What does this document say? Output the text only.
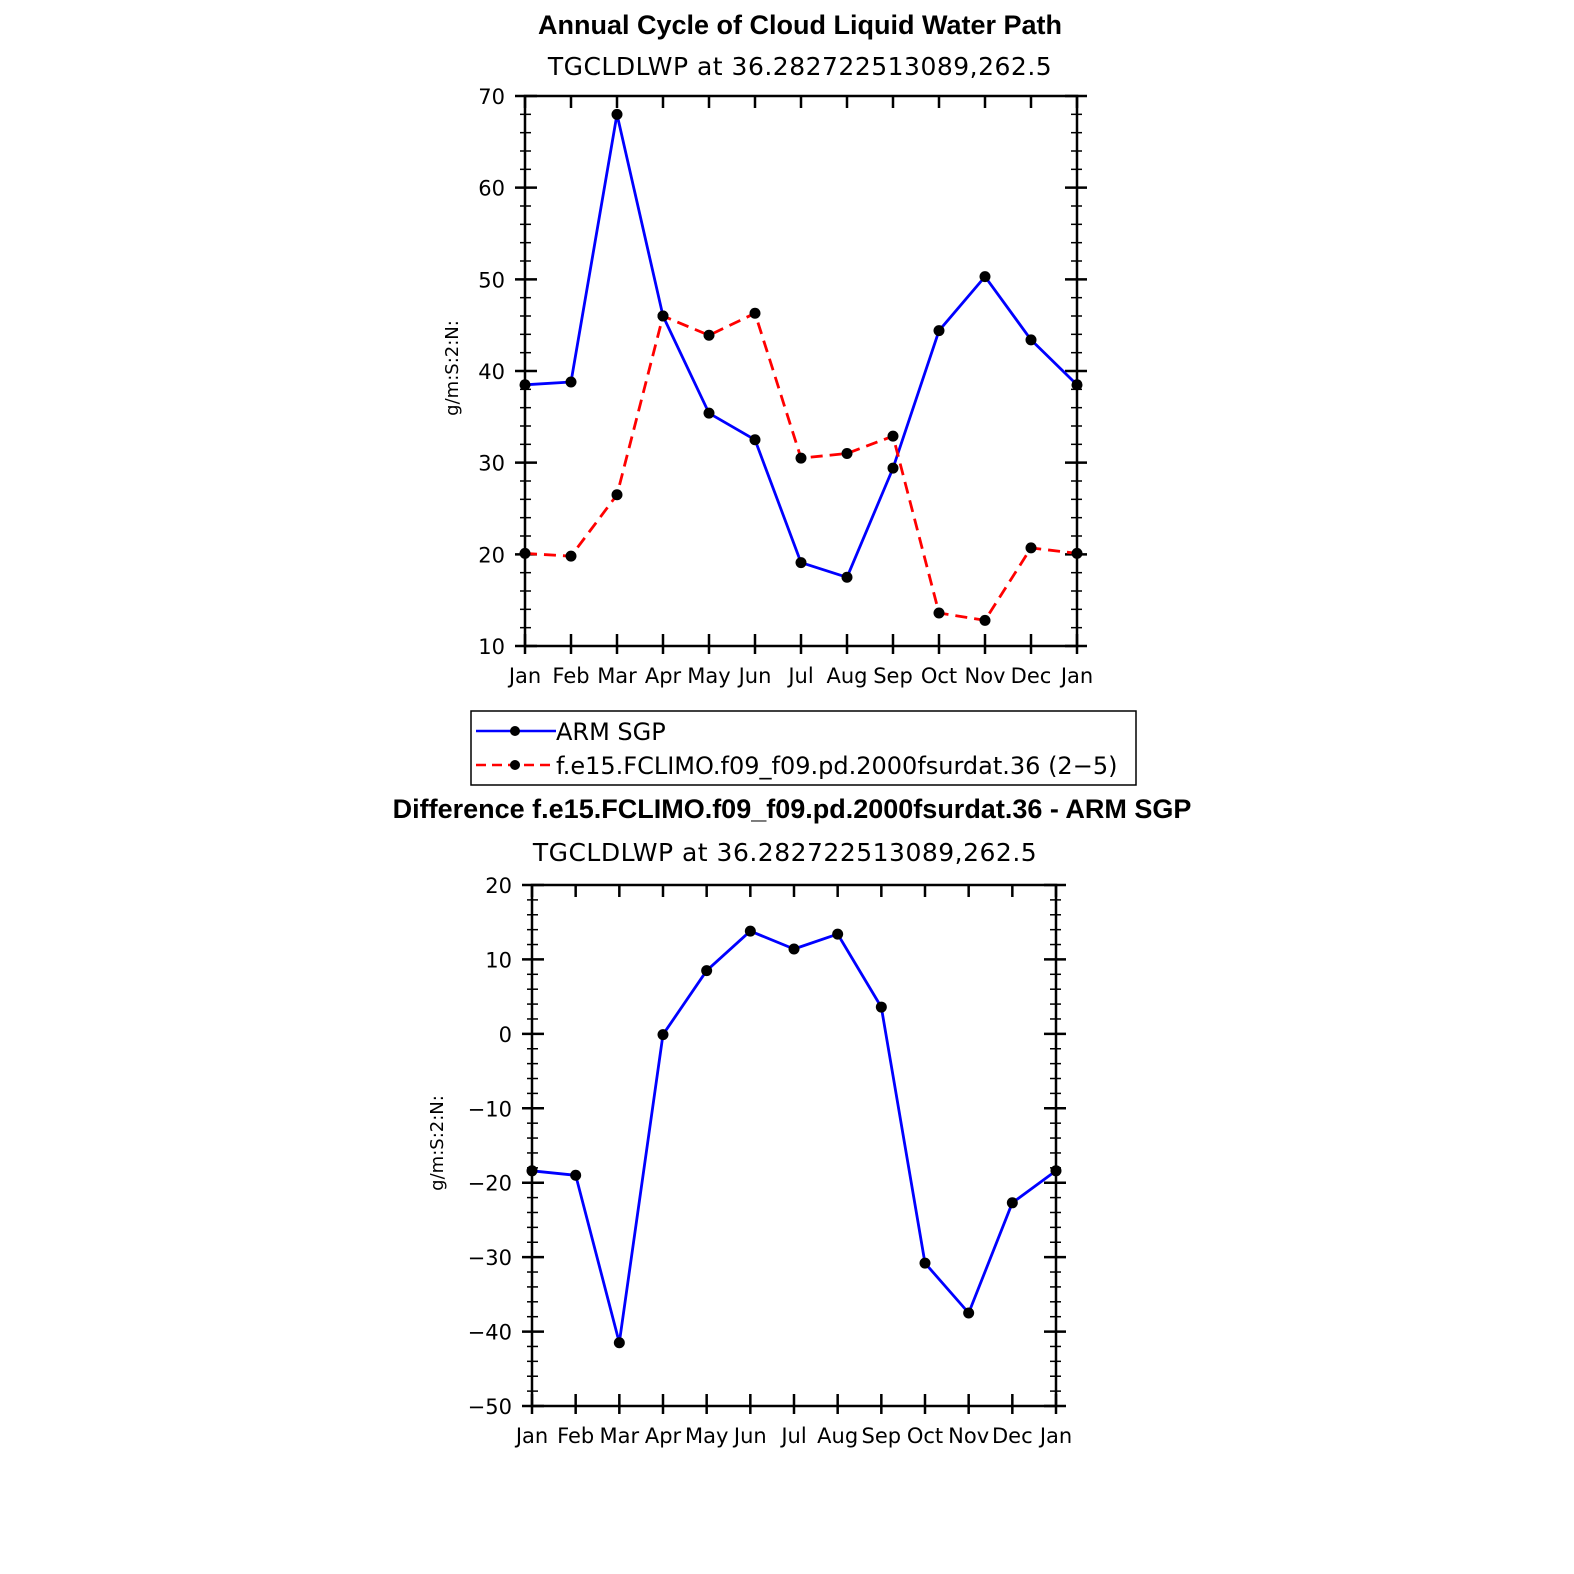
Annual Cycle of Cloud Liquid Water Path
TGCLDLWP at 36.282722513089,262.5
g/m:S:2:N:
Jan Feb Mar Apr May Jun Jul Aug Sep Oct Nov Dec Jan
10
20
30
40
50
60
70
ARM SGP
f.e15.FCLIMO.f09_f09.pd.2000fsurdat.36 (2−5)
Difference f.e15.FCLIMO.f09_f09.pd.2000fsurdat.36 - ARM SGP
TGCLDLWP at 36.282722513089,262.5
g/m:S:2:N:
Jan Feb Mar Apr May Jun Jul Aug Sep Oct Nov Dec Jan
−50
−40
−30
−20
−10
0
10
20
